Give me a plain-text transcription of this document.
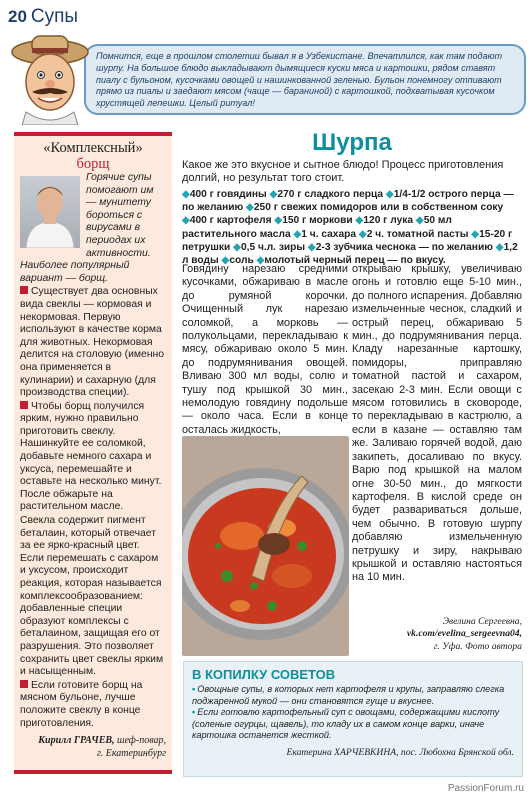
20 Супы

Помнится, еще в прошлом столетии бывал я в Узбекистане. Впечатлился, как там подают шурпу. На большое блюдо выкладывают дымящиеся куски мяса и картошки, рядом ставят пиалу с бульоном, кусочками овощей и нашинкованной зеленью. Бульон понемногу отпивают прямо из пиалы и заедают мясом (чаще — бараниной) с картошкой, подхватывая кусочком хрустящей лепешки. Целый ритуал!

«Комплексный»
борщ

Горячие супы помогают им — мунитету бороться с вирусами в периодах их активности. Наиболее популярный вариант — борщ.

Существует два основных вида свеклы — кормовая и некормовая. Первую используют в качестве корма для животных. Некормовая делится на столовую (именно она применяется в кулинарии) и сахарную (для производства специи).

Чтобы борщ получился ярким, нужно правильно приготовить свеклу. Нашинкуйте ее соломкой, добавьте немного сахара и уксуса, перемешайте и оставьте на несколько минут. После обжарьте на растительном масле.

Свекла содержит пигмент беталаин, который отвечает за ее ярко-красный цвет. Если перемешать с сахаром и уксусом, происходит реакция, которая называется комплексообразованием: добавленные специи образуют комплексы с беталаином, защищая его от разрушения. Это позволяет сохранить цвет свеклы ярким и насыщенным.

Если готовите борщ на мясном бульоне, лучше положите свеклу в конце приготовления.

Кирилл ГРАЧЕВ, шеф-повар,
г. Екатеринбург
Шурпа
Какое же это вкусное и сытное блюдо! Процесс приготовления долгий, но результат того стоит.
◆400 г говядины ◆270 г сладкого перца ◆1/4-1/2 острого перца — по желанию ◆250 г свежих помидоров или в собственном соку ◆400 г картофеля ◆150 г моркови ◆120 г лука ◆50 мл растительного масла ◆1 ч. сахара ◆2 ч. томатной пасты ◆15-20 г петрушки ◆0,5 ч.л. зиры ◆2-3 зубчика чеснока — по желанию ◆1,2 л воды ◆соль ◆молотый черный перец — по вкусу.
Говядину нарезаю средними кусочками, обжариваю в масле до румяной корочки. Очищенный лук нарезаю соломкой, а морковь — полукольцами, перекладываю к мясу, обжариваю около 5 мин. до подрумянивания овощей. Вливаю 300 мл воды, солю и тушу под крышкой 30 мин., немолодую говядину подольше — около часа. Если в конце осталась жидкость,
открываю крышку, увеличиваю огонь и готовлю еще 5-10 мин., до полного испарения. Добавляю измельченные чеснок, сладкий и острый перец, обжариваю 5 мин., до подрумянивания перца. Кладу нарезанные картошку, помидоры, приправляю томатной пастой и сахаром, засекаю 2-3 мин. Если овощи с мясом готовились в сковороде, то перекладываю в кастрюлю, а если в казане — оставляю там же. Заливаю горячей водой, даю закипеть, досаливаю по вкусу. Варю под крышкой на малом огне 30-50 мин., до мягкости картофеля. В кислой среде он будет развариваться дольше, чем обычно. В готовую шурпу добавляю измельченную петрушку и зиру, накрываю крышкой и оставляю настояться на 10 мин.
Эвелина Сергеевна,
vk.com/evelina_sergeevna04,
г. Уфа. Фото автора
В КОПИЛКУ СОВЕТОВ

• Овощные супы, в которых нет картофеля и крупы, заправляю слегка поджаренной мукой — они становятся гуще и вкуснее.

• Если готовлю картофельный суп с овощами, содержащими кислоту (соленые огурцы, щавель), то кладу их в самом конце варки, иначе картошка останется жесткой.

Екатерина ХАРЧЕВКИНА, пос. Любохна Брянской обл.
PassionForum.ru
